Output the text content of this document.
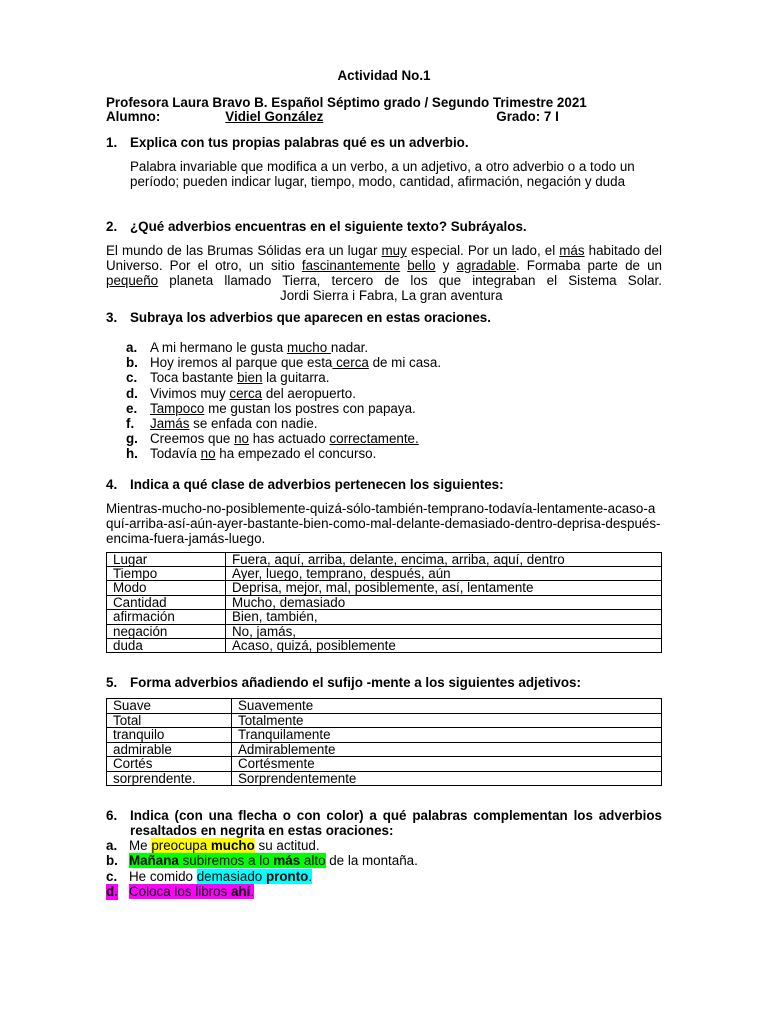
Actividad No.1
Profesora Laura Bravo B. Español Séptimo grado / Segundo Trimestre 2021
Alumno:	Vidiel González	Grado: 7 I
1. Explica con tus propias palabras qué es un adverbio.
Palabra invariable que modifica a un verbo, a un adjetivo, a otro adverbio o a todo un período; pueden indicar lugar, tiempo, modo, cantidad, afirmación, negación y duda
2. ¿Qué adverbios encuentras en el siguiente texto? Subráyalos.
El mundo de las Brumas Sólidas era un lugar muy especial. Por un lado, el más habitado del Universo. Por el otro, un sitio fascinantemente bello y agradable. Formaba parte de un pequeño planeta llamado Tierra, tercero de los que integraban el Sistema Solar.Jordi Sierra i Fabra, La gran aventura
3. Subraya los adverbios que aparecen en estas oraciones.
a. A mi hermano le gusta mucho nadar.
b. Hoy iremos al parque que esta cerca de mi casa.
c. Toca bastante bien la guitarra.
d. Vivimos muy cerca del aeropuerto.
e. Tampoco me gustan los postres con papaya.
f. Jamás se enfada con nadie.
g. Creemos que no has actuado correctamente.
h. Todavía no ha empezado el concurso.
4. Indica a qué clase de adverbios pertenecen los siguientes:
Mientras-mucho-no-posiblemente-quizá-sólo-también-temprano-todavía-lentamente-acaso-aquí-arriba-así-aún-ayer-bastante-bien-como-mal-delante-demasiado-dentro-deprisa-después-encima-fuera-jamás-luego.
Lugar	Fuera, aquí, arriba, delante, encima, arriba, aquí, dentro
Tiempo	Ayer, luego, temprano, después, aún
Modo	Deprisa, mejor, mal, posiblemente, así, lentamente
Cantidad	Mucho, demasiado
afirmación	Bien, también,
negación	No, jamás,
duda	Acaso, quizá, posiblemente
5. Forma adverbios añadiendo el sufijo -mente a los siguientes adjetivos:
Suave	Suavemente
Total	Totalmente
tranquilo	Tranquilamente
admirable	Admirablemente
Cortés	Cortésmente
sorprendente.	Sorprendentemente
6. Indica (con una flecha o con color) a qué palabras complementan los adverbios resaltados en negrita en estas oraciones:
a. Me preocupa mucho su actitud.
b. Mañana subiremos a lo más alto de la montaña.
c. He comido demasiado pronto.
d. Coloca los libros ahí.
